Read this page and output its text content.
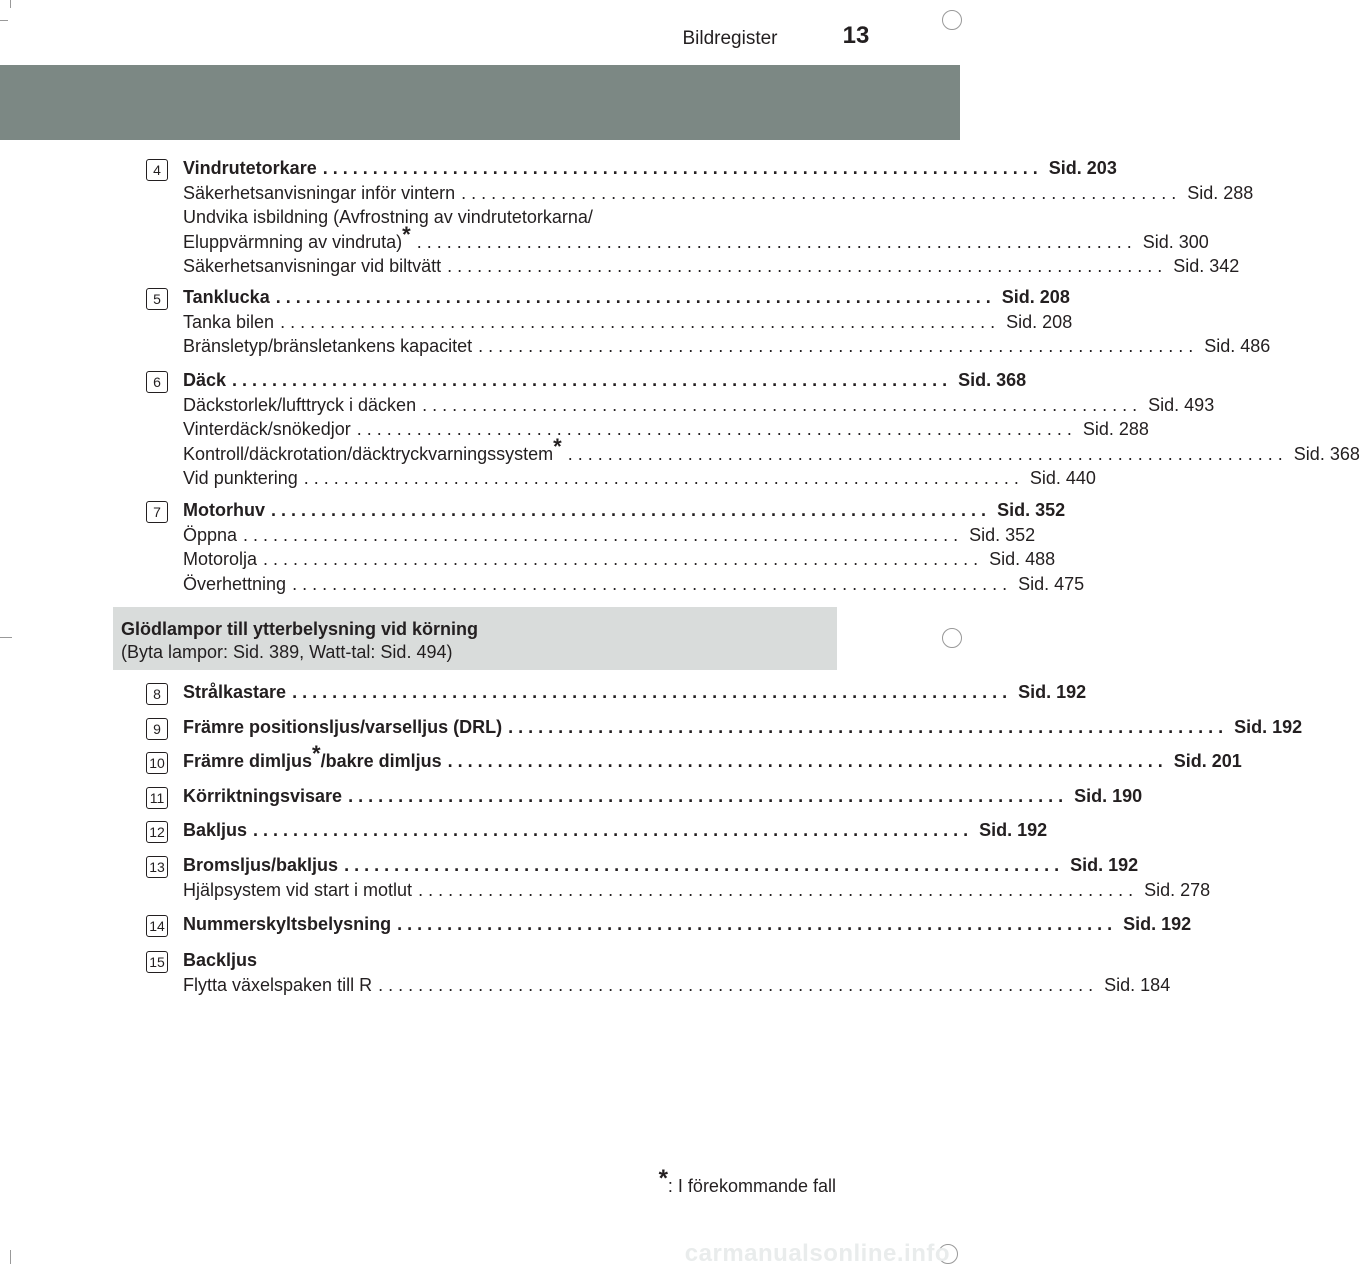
Bildregister	13
4	Vindrutetorkare ........................................................................ Sid. 203
Säkerhetsanvisningar inför vintern ........................................................................ Sid. 288
Undvika isbildning (Avfrostning av vindrutetorkarna/
Eluppvärmning av vindruta)* ........................................................................ Sid. 300
Säkerhetsanvisningar vid biltvätt ........................................................................ Sid. 342
5	Tanklucka ........................................................................ Sid. 208
Tanka bilen ........................................................................ Sid. 208
Bränsletyp/bränsletankens kapacitet ........................................................................ Sid. 486
6	Däck ........................................................................ Sid. 368
Däckstorlek/lufttryck i däcken ........................................................................ Sid. 493
Vinterdäck/snökedjor ........................................................................ Sid. 288
Kontroll/däckrotation/däcktryckvarningssystem* ........................................................................ Sid. 368
Vid punktering ........................................................................ Sid. 440
7	Motorhuv ........................................................................ Sid. 352
Öppna ........................................................................ Sid. 352
Motorolja ........................................................................ Sid. 488
Överhettning ........................................................................ Sid. 475
Glödlampor till ytterbelysning vid körning
(Byta lampor: Sid. 389, Watt-tal: Sid. 494)
8	Strålkastare ........................................................................ Sid. 192
9	Främre positionsljus/varselljus (DRL) ........................................................................ Sid. 192
10 Främre dimljus*/bakre dimljus ........................................................................ Sid. 201
11 Körriktningsvisare ........................................................................ Sid. 190
12 Bakljus ........................................................................ Sid. 192
13 Bromsljus/bakljus ........................................................................ Sid. 192
Hjälpsystem vid start i motlut ........................................................................ Sid. 278
14 Nummerskyltsbelysning ........................................................................ Sid. 192
15 Backljus
Flytta växelspaken till R ........................................................................ Sid. 184
*: I förekommande fall
carmanualsonline.info
